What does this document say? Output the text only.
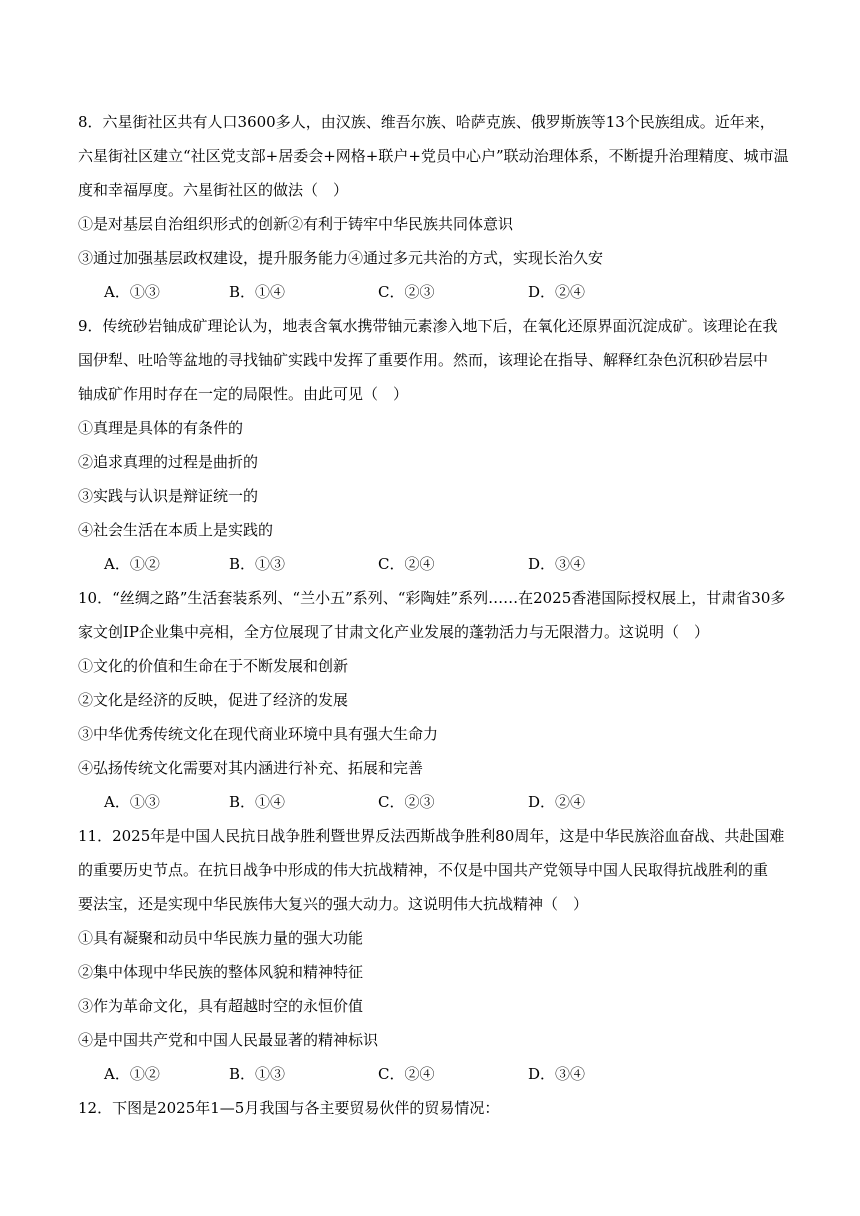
8．六星街社区共有人口3600多人，由汉族、维吾尔族、哈萨克族、俄罗斯族等13个民族组成。近年来，
六星街社区建立“社区党支部+居委会+网格+联户+党员中心户”联动治理体系，不断提升治理精度、城市温
度和幸福厚度。六星街社区的做法（　）
①是对基层自治组织形式的创新②有利于铸牢中华民族共同体意识
③通过加强基层政权建设，提升服务能力④通过多元共治的方式，实现长治久安
A．①③	B．①④	C．②③	D．②④
9．传统砂岩铀成矿理论认为，地表含氧水携带铀元素渗入地下后，在氧化还原界面沉淀成矿。该理论在我
国伊犁、吐哈等盆地的寻找铀矿实践中发挥了重要作用。然而，该理论在指导、解释红杂色沉积砂岩层中
铀成矿作用时存在一定的局限性。由此可见（　）
①真理是具体的有条件的
②追求真理的过程是曲折的
③实践与认识是辩证统一的
④社会生活在本质上是实践的
A．①②	B．①③	C．②④	D．③④
10．“丝绸之路”生活套装系列、“兰小五”系列、“彩陶娃”系列……在2025香港国际授权展上，甘肃省30多
家文创IP企业集中亮相，全方位展现了甘肃文化产业发展的蓬勃活力与无限潜力。这说明（　）
①文化的价值和生命在于不断发展和创新
②文化是经济的反映，促进了经济的发展
③中华优秀传统文化在现代商业环境中具有强大生命力
④弘扬传统文化需要对其内涵进行补充、拓展和完善
A．①③	B．①④	C．②③	D．②④
11．2025年是中国人民抗日战争胜利暨世界反法西斯战争胜利80周年，这是中华民族浴血奋战、共赴国难
的重要历史节点。在抗日战争中形成的伟大抗战精神，不仅是中国共产党领导中国人民取得抗战胜利的重
要法宝，还是实现中华民族伟大复兴的强大动力。这说明伟大抗战精神（　）
①具有凝聚和动员中华民族力量的强大功能
②集中体现中华民族的整体风貌和精神特征
③作为革命文化，具有超越时空的永恒价值
④是中国共产党和中国人民最显著的精神标识
A．①②	B．①③	C．②④	D．③④
12．下图是2025年1—5月我国与各主要贸易伙伴的贸易情况：
